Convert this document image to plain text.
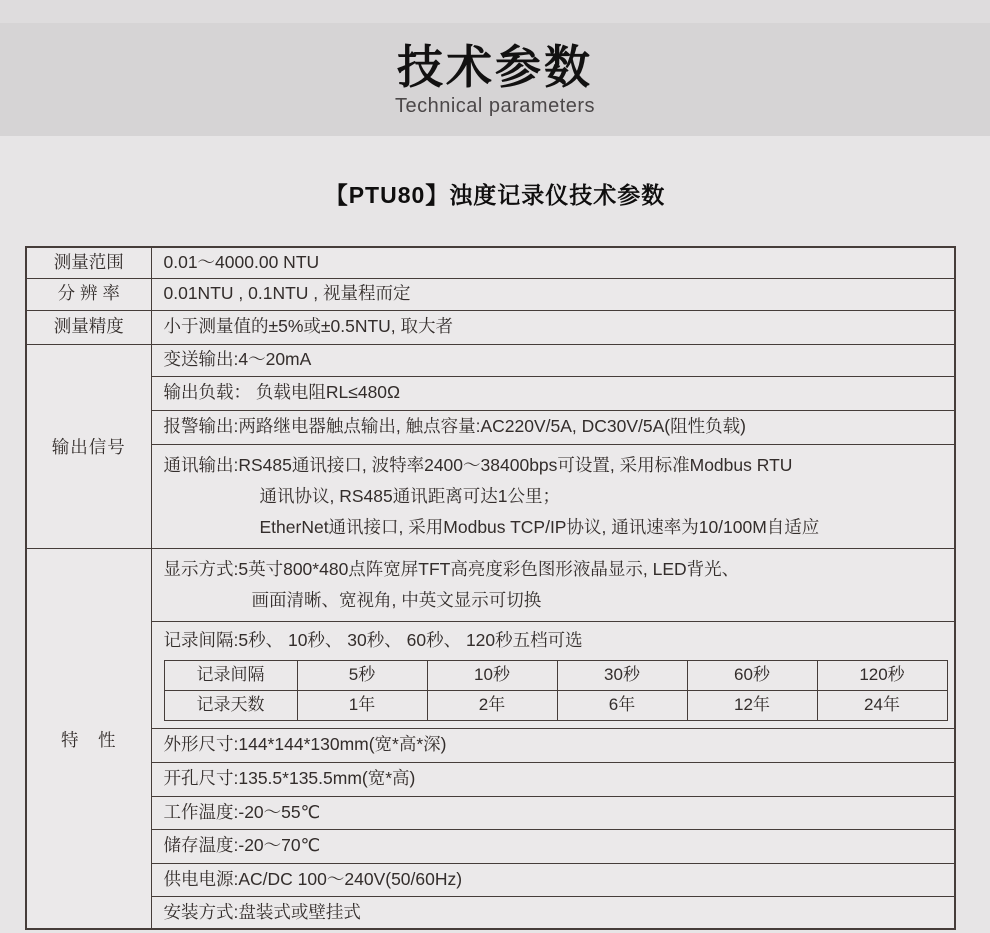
技术参数
Technical parameters
【PTU80】浊度记录仪技术参数
测量范围	0.01～4000.00 NTU
分 辨 率	0.01NTU , 0.1NTU , 视量程而定
测量精度	小于测量值的±5%或±0.5NTU, 取大者
输出信号	变送输出:4～20mA
输出负载： 负载电阻RL≤480Ω
报警输出:两路继电器触点输出, 触点容量:AC220V/5A, DC30V/5A(阻性负载)

通讯输出:RS485通讯接口, 波特率2400～38400bps可设置, 采用标准Modbus RTU
通讯协议, RS485通讯距离可达1公里；
EtherNet通讯接口, 采用Modbus TCP/IP协议, 通讯速率为10/100M自适应

特　性	
显示方式:5英寸800*480点阵宽屏TFT高亮度彩色图形液晶显示, LED背光、
画面清晰、宽视角, 中英文显示可切换

记录间隔:5秒、 10秒、 30秒、 60秒、 120秒五档可选
记录间隔	5秒	10秒	30秒	60秒	120秒
记录天数	1年	2年	6年	12年	24年

外形尺寸:144*144*130mm(宽*高*深)
开孔尺寸:135.5*135.5mm(宽*高)
工作温度:-20～55℃
储存温度:-20～70℃
供电电源:AC/DC 100～240V(50/60Hz)
安装方式:盘装式或壁挂式
